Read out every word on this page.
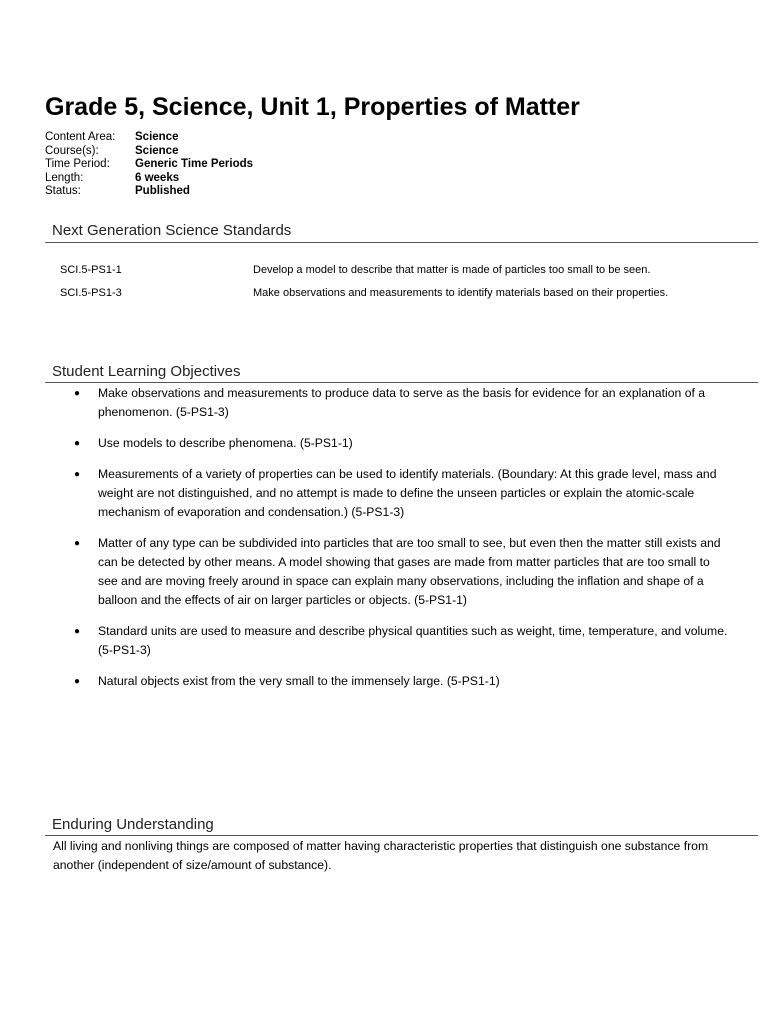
Grade 5, Science, Unit 1, Properties of Matter
Content Area:	Science
Course(s):	Science
Time Period:	Generic Time Periods
Length:	6 weeks
Status:	Published
Next Generation Science Standards
SCI.5-PS1-1	Develop a model to describe that matter is made of particles too small to be seen.
SCI.5-PS1-3	Make observations and measurements to identify materials based on their properties.
Student Learning Objectives
● Make observations and measurements to produce data to serve as the basis for evidence for an explanation of a phenomenon. (5-PS1-3)
● Use models to describe phenomena. (5-PS1-1)
● Measurements of a variety of properties can be used to identify materials. (Boundary: At this grade level, mass and weight are not distinguished, and no attempt is made to define the unseen particles or explain the atomic-scale mechanism of evaporation and condensation.) (5-PS1-3)
● Matter of any type can be subdivided into particles that are too small to see, but even then the matter still exists and can be detected by other means. A model showing that gases are made from matter particles that are too small to see and are moving freely around in space can explain many observations, including the inflation and shape of a balloon and the effects of air on larger particles or objects. (5-PS1-1)
● Standard units are used to measure and describe physical quantities such as weight, time, temperature, and volume. (5-PS1-3)
● Natural objects exist from the very small to the immensely large. (5-PS1-1)
Enduring Understanding
All living and nonliving things are composed of matter having characteristic properties that distinguish one substance from another (independent of size/amount of substance).
